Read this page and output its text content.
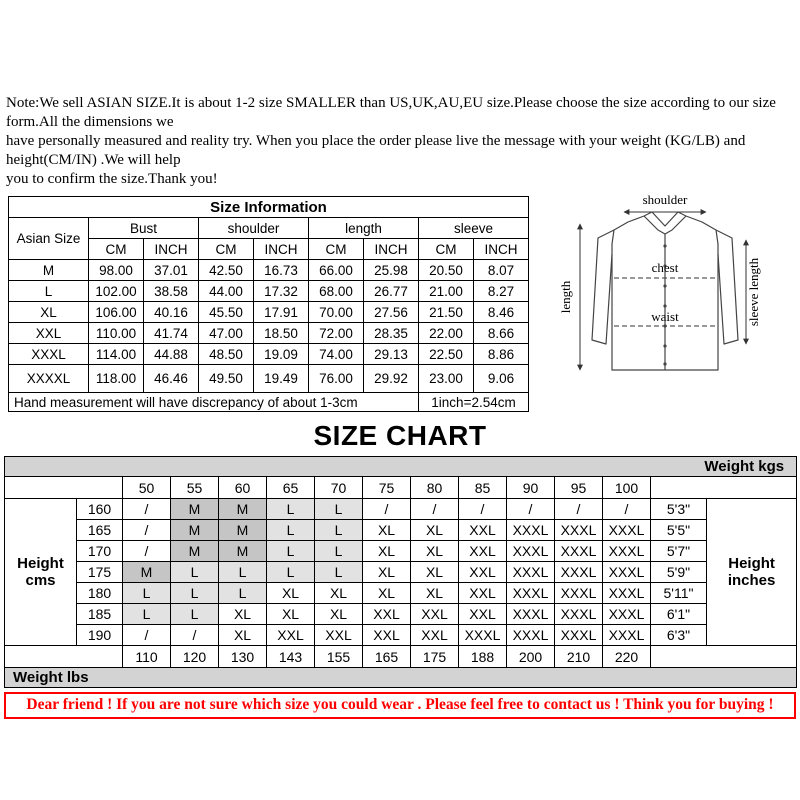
Note:We sell ASIAN SIZE.It is about 1-2 size SMALLER than US,UK,AU,EU size.Please choose the size according to our size
form.All the dimensions we
have personally measured and reality try. When you place the order please live the message with your weight (KG/LB) and
height(CM/IN) .We will help
you to confirm the size.Thank you!
Size Information								
Asian Size	Bust		shoulder		length		sleeve	
	CM	INCH	CM	INCH	CM	INCH	CM	INCH
M	98.00	37.01	42.50	16.73	66.00	25.98	20.50	8.07
L	102.00	38.58	44.00	17.32	68.00	26.77	21.00	8.27
XL	106.00	40.16	45.50	17.91	70.00	27.56	21.50	8.46
XXL	110.00	41.74	47.00	18.50	72.00	28.35	22.00	8.66
XXXL	114.00	44.88	48.50	19.09	74.00	29.13	22.50	8.86
XXXXL	118.00	46.46	49.50	19.49	76.00	29.92	23.00	9.06
Hand measurement will have discrepancy of about 1-3cm							1inch=2.54cm	
shoulder
chest
waist
length	sleeve length
SIZE CHART
Weight kgs														
		50	55	60	65	70	75	80	85	90	95	100		
Height cms	160	/	M	M	L	L	/	/	/	/	/	/	5'3"	Height inches
	165	/	M	M	L	L	XL	XL	XXL	XXXL	XXXL	XXXL	5'5"	
	170	/	M	M	L	L	XL	XL	XXL	XXXL	XXXL	XXXL	5'7"	
	175	M	L	L	L	L	XL	XL	XXL	XXXL	XXXL	XXXL	5'9"	
	180	L	L	L	XL	XL	XL	XL	XXL	XXXL	XXXL	XXXL	5'11"	
	185	L	L	XL	XL	XL	XXL	XXL	XXL	XXXL	XXXL	XXXL	6'1"	
	190	/	/	XL	XXL	XXL	XXL	XXL	XXXL	XXXL	XXXL	XXXL	6'3"	
		110	120	130	143	155	165	175	188	200	210	220		
Weight lbs														
Dear friend ! If you are not sure which size you could wear . Please feel free to contact us ! Think you for buying !
